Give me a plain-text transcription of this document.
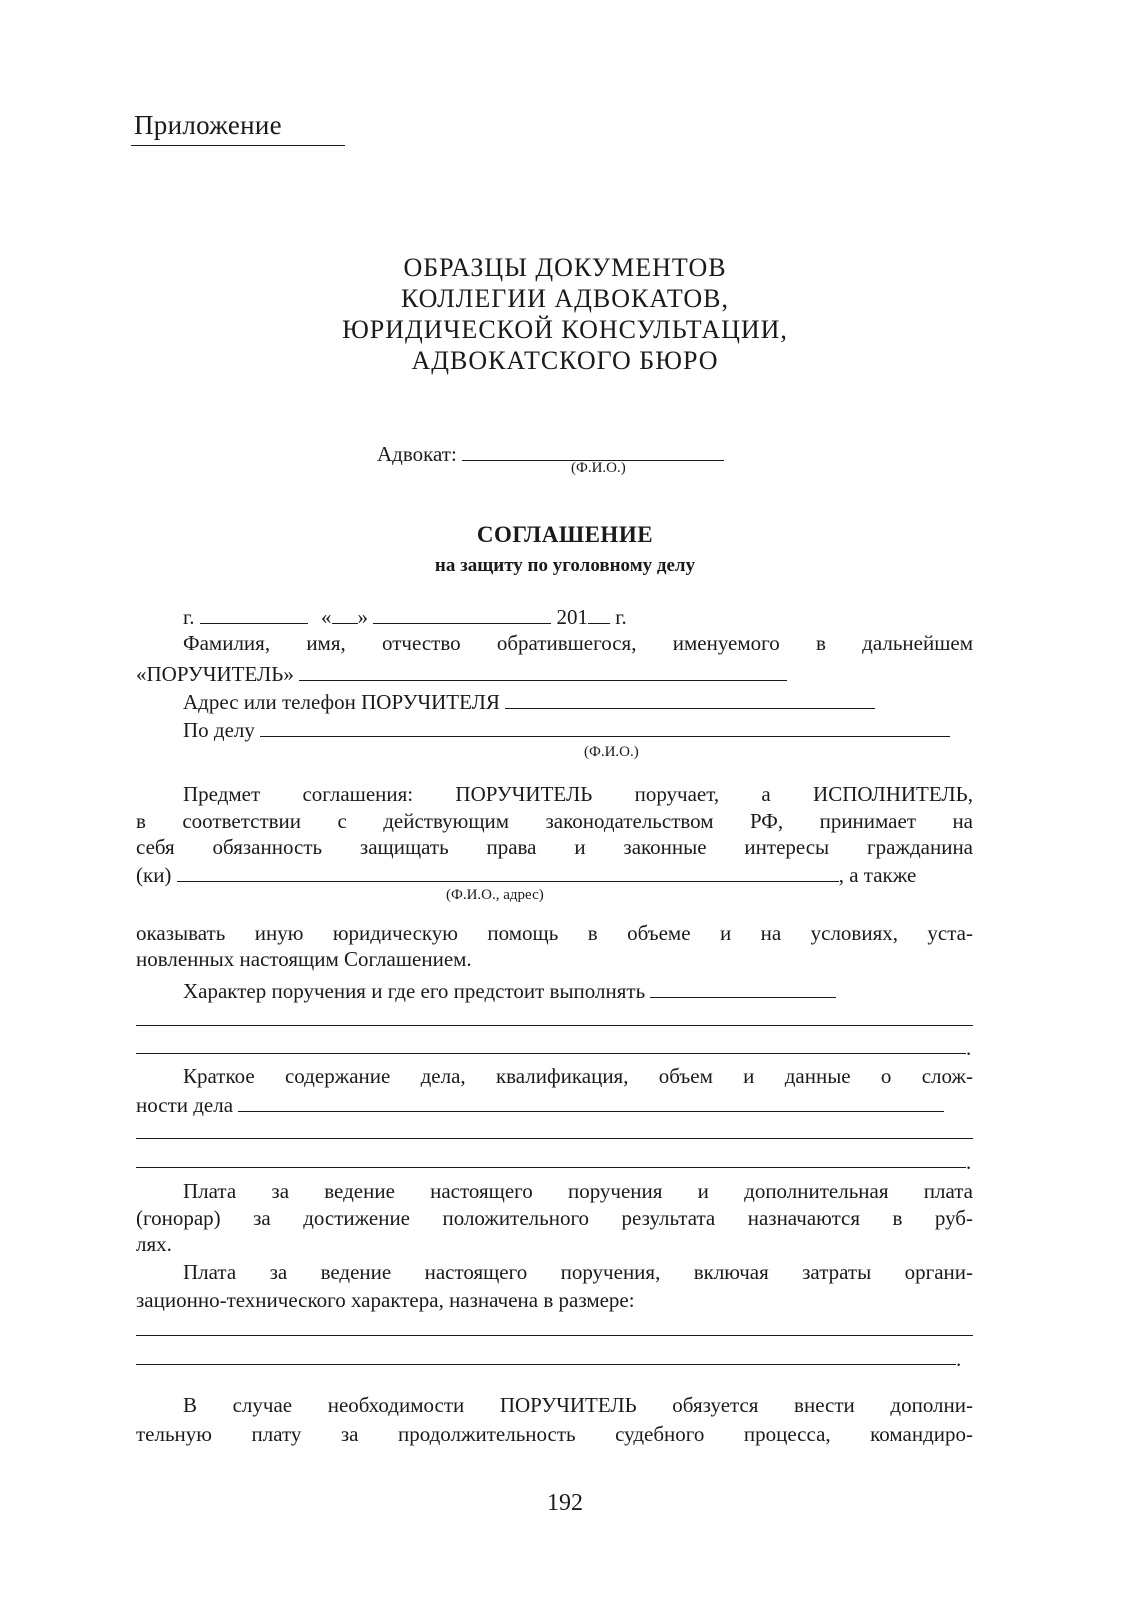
Приложение
ОБРАЗЦЫ ДОКУМЕНТОВ
КОЛЛЕГИИ АДВОКАТОВ,
ЮРИДИЧЕСКОЙ КОНСУЛЬТАЦИИ,
АДВОКАТСКОГО БЮРО
Адвокат:
(Ф.И.О.)
СОГЛАШЕНИЕ
на защиту по уголовному делу
г.	« »	201 г.
Фамилия, имя, отчество обратившегося, именуемого в дальнейшем
«ПОРУЧИТЕЛЬ»
Адрес или телефон ПОРУЧИТЕЛЯ
По делу
(Ф.И.О.)
Предмет соглашения: ПОРУЧИТЕЛЬ поручает, а ИСПОЛНИТЕЛЬ,
в соответствии с действующим законодательством РФ, принимает на
себя обязанность защищать права и законные интересы гражданина
(ки)	, а также
(Ф.И.О., адрес)
оказывать иную юридическую помощь в объеме и на условиях, уста-
новленных настоящим Соглашением.
Характер поручения и где его предстоит выполнять
.
Краткое содержание дела, квалификация, объем и данные о слож-
ности дела
.
Плата за ведение настоящего поручения и дополнительная плата
(гонорар) за достижение положительного результата назначаются в руб-
лях.
Плата за ведение настоящего поручения, включая затраты органи-
зационно-технического характера, назначена в размере:
.
В случае необходимости ПОРУЧИТЕЛЬ обязуется внести дополни-
тельную плату за продолжительность судебного процесса, командиро-
192
